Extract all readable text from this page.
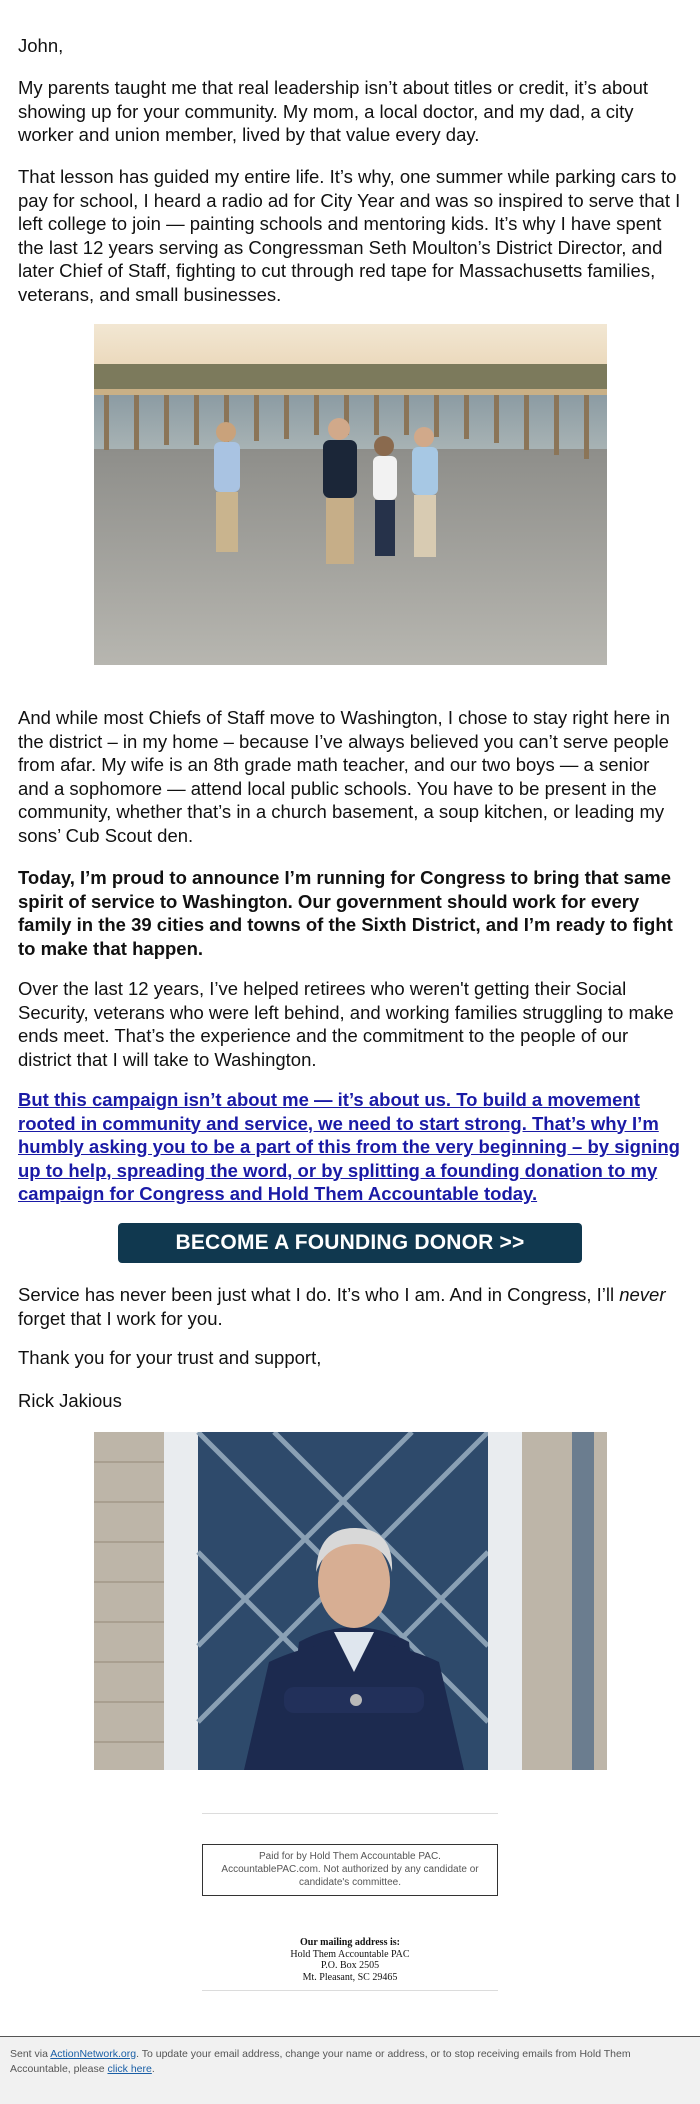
John,

My parents taught me that real leadership isn’t about titles or credit, it’s about showing up for your community. My mom, a local doctor, and my dad, a city worker and union member, lived by that value every day.

That lesson has guided my entire life. It’s why, one summer while parking cars to pay for school, I heard a radio ad for City Year and was so inspired to serve that I left college to join — painting schools and mentoring kids. It’s why I have spent the last 12 years serving as Congressman Seth Moulton’s District Director, and later Chief of Staff, fighting to cut through red tape for Massachusetts families, veterans, and small businesses.

And while most Chiefs of Staff move to Washington, I chose to stay right here in the district – in my home – because I’ve always believed you can’t serve people from afar. My wife is an 8th grade math teacher, and our two boys — a senior and a sophomore — attend local public schools. You have to be present in the community, whether that’s in a church basement, a soup kitchen, or leading my sons’ Cub Scout den.

Today, I’m proud to announce I’m running for Congress to bring that same spirit of service to Washington. Our government should work for every family in the 39 cities and towns of the Sixth District, and I’m ready to fight to make that happen.

Over the last 12 years, I’ve helped retirees who weren't getting their Social Security, veterans who were left behind, and working families struggling to make ends meet. That’s the experience and the commitment to the people of our district that I will take to Washington.

But this campaign isn’t about me — it’s about us. To build a movement rooted in community and service, we need to start strong. That’s why I’m humbly asking you to be a part of this from the very beginning – by signing up to help, spreading the word, or by splitting a founding donation to my campaign for Congress and Hold Them Accountable today.

Service has never been just what I do. It’s who I am. And in Congress, I’ll never forget that I work for you.

Thank you for your trust and support,

Rick Jakious

BECOME A FOUNDING DONOR >>
Paid for by Hold Them Accountable PAC. AccountablePAC.com. Not authorized by any candidate or candidate's committee.
Our mailing address is:
Hold Them Accountable PAC
P.O. Box 2505
Mt. Pleasant, SC 29465
Sent via ActionNetwork.org. To update your email address, change your name or address, or to stop receiving emails from Hold Them Accountable, please click here.
